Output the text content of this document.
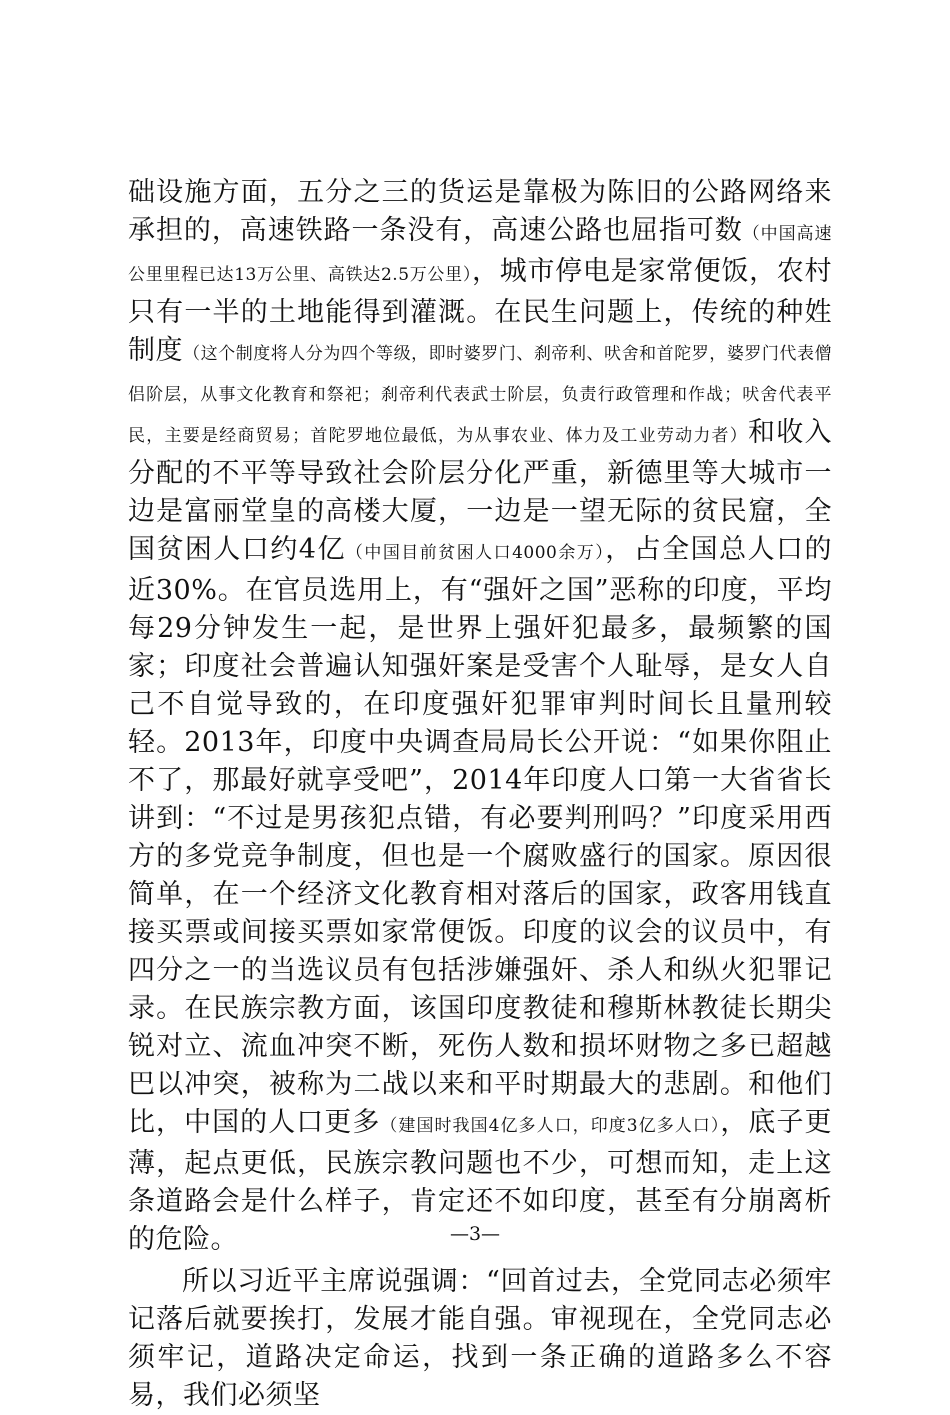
础设施方面，五分之三的货运是靠极为陈旧的公路网络来承担的，高速铁路一条没有，高速公路也屈指可数（中国高速公里里程已达13万公里、高铁达2.5万公里），城市停电是家常便饭，农村只有一半的土地能得到灌溉。在民生问题上，传统的种姓制度（这个制度将人分为四个等级，即时婆罗门、刹帝利、吠舍和首陀罗，婆罗门代表僧侣阶层，从事文化教育和祭祀；刹帝利代表武士阶层，负责行政管理和作战；吠舍代表平民，主要是经商贸易；首陀罗地位最低，为从事农业、体力及工业劳动力者）和收入分配的不平等导致社会阶层分化严重，新德里等大城市一边是富丽堂皇的高楼大厦，一边是一望无际的贫民窟，全国贫困人口约4亿（中国目前贫困人口4000余万），占全国总人口的近30%。在官员选用上，有“强奸之国”恶称的印度，平均每29分钟发生一起，是世界上强奸犯最多，最频繁的国家；印度社会普遍认知强奸案是受害个人耻辱，是女人自己不自觉导致的，在印度强奸犯罪审判时间长且量刑较轻。2013年，印度中央调查局局长公开说：“如果你阻止不了，那最好就享受吧”，2014年印度人口第一大省省长讲到：“不过是男孩犯点错，有必要判刑吗？”印度采用西方的多党竞争制度，但也是一个腐败盛行的国家。原因很简单，在一个经济文化教育相对落后的国家，政客用钱直接买票或间接买票如家常便饭。印度的议会的议员中，有四分之一的当选议员有包括涉嫌强奸、杀人和纵火犯罪记录。在民族宗教方面，该国印度教徒和穆斯林教徒长期尖锐对立、流血冲突不断，死伤人数和损坏财物之多已超越巴以冲突，被称为二战以来和平时期最大的悲剧。和他们比，中国的人口更多（建国时我国4亿多人口，印度3亿多人口），底子更薄，起点更低，民族宗教问题也不少，可想而知，走上这条道路会是什么样子，肯定还不如印度，甚至有分崩离析的危险。

所以习近平主席说强调：“回首过去，全党同志必须牢记落后就要挨打，发展才能自强。审视现在，全党同志必须牢记，道路决定命运，找到一条正确的道路多么不容易，我们必须坚

—3—
